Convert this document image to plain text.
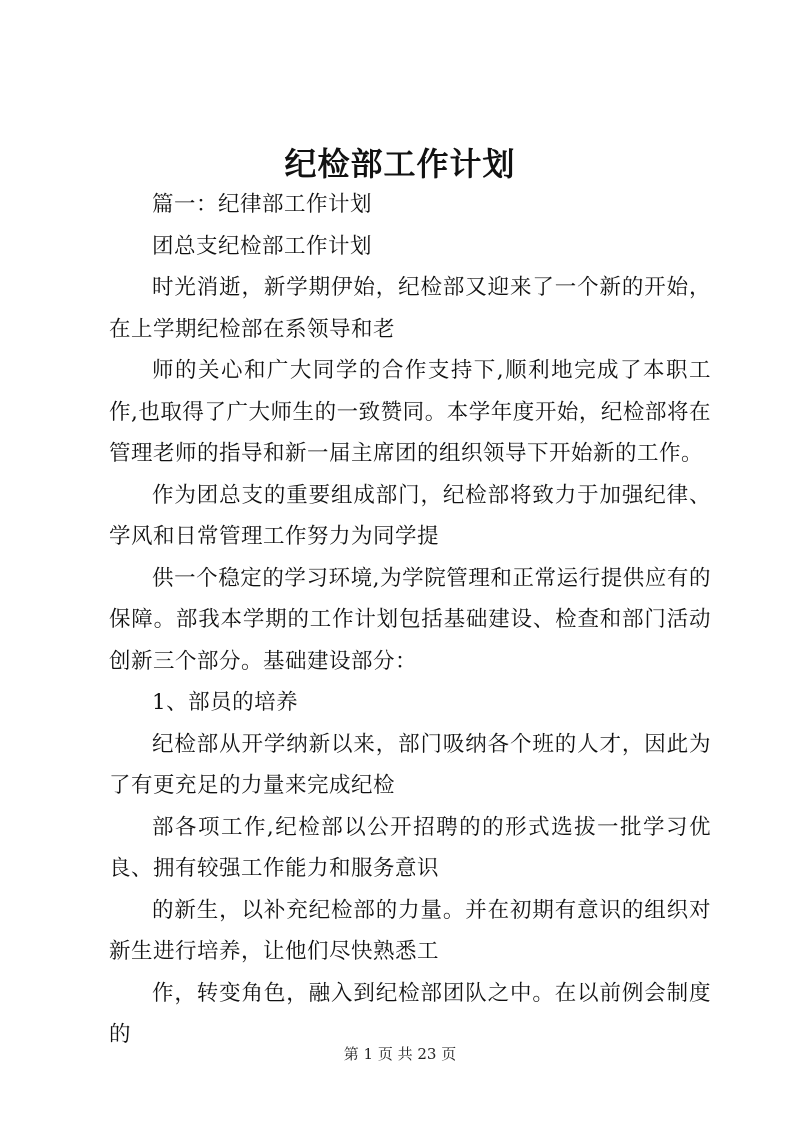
纪检部工作计划

篇一：纪律部工作计划

团总支纪检部工作计划

时光消逝，新学期伊始，纪检部又迎来了一个新的开始，在上学期纪检部在系领导和老

师的关心和广大同学的合作支持下,顺利地完成了本职工作,也取得了广大师生的一致赞同。本学年度开始，纪检部将在管理老师的指导和新一届主席团的组织领导下开始新的工作。

作为团总支的重要组成部门，纪检部将致力于加强纪律、学风和日常管理工作努力为同学提

供一个稳定的学习环境,为学院管理和正常运行提供应有的保障。部我本学期的工作计划包括基础建设、检查和部门活动创新三个部分。基础建设部分：

1、部员的培养

纪检部从开学纳新以来，部门吸纳各个班的人才，因此为了有更充足的力量来完成纪检

部各项工作,纪检部以公开招聘的的形式选拔一批学习优良、拥有较强工作能力和服务意识

的新生，以补充纪检部的力量。并在初期有意识的组织对新生进行培养，让他们尽快熟悉工

作，转变角色，融入到纪检部团队之中。在以前例会制度的

第 1 页 共 23 页
